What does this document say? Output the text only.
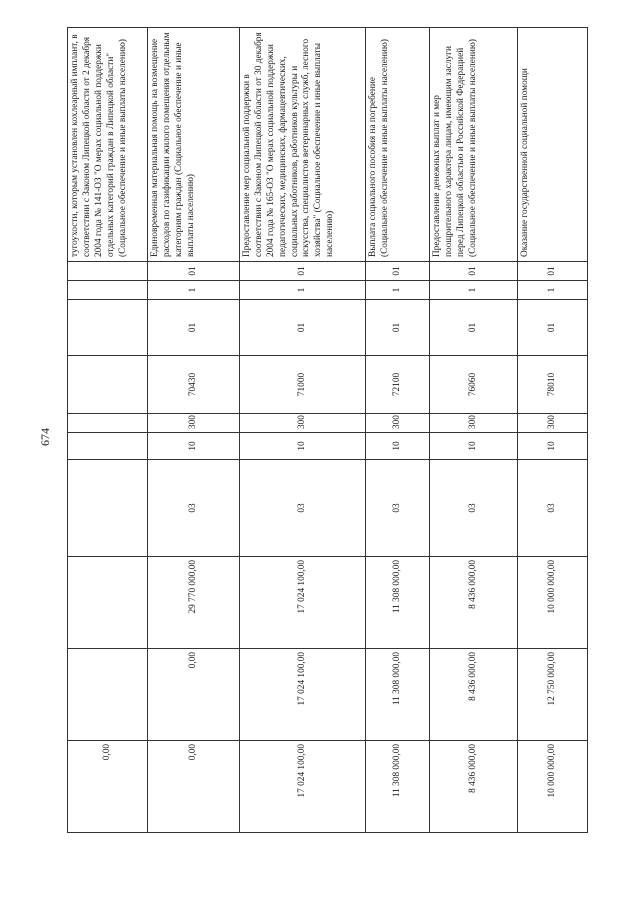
674
0,00										тугоухости, которым установлен кохлеарный имплант, в соответствии с Законом Липецкой области от 2 декабря 2004 года № 141-ОЗ "О мерах социальной поддержки отдельных категорий граждан в Липецкой области" (Социальное обеспечение и иные выплаты населению)
0,00	0,00	29 770 000,00	03	10	300	70430	01	1	01	Единовременная материальная помощь на возмещение расходов по газификации жилого помещения отдельным категориям граждан (Социальное обеспечение и иные выплаты населению)
17 024 100,00	17 024 100,00	17 024 100,00	03	10	300	71000	01	1	01	Предоставление мер социальной поддержки в соответствии с Законом Липецкой области от 30 декабря 2004 года № 165-ОЗ "О мерах социальной поддержки педагогических, медицинских, фармацевтических, социальных работников, работников культуры и искусства, специалистов ветеринарных служб, лесного хозяйства" (Социальное обеспечение и иные выплаты населению)
11 308 000,00	11 308 000,00	11 308 000,00	03	10	300	72100	01	1	01	Выплата социального пособия на погребение (Социальное обеспечение и иные выплаты населению)
8 436 000,00	8 436 000,00	8 436 000,00	03	10	300	76060	01	1	01	Предоставление денежных выплат и мер поощрительного характера лицам, имеющим заслуги перед Липецкой областью и Российской Федерацией (Социальное обеспечение и иные выплаты населению)
10 000 000,00	12 750 000,00	10 000 000,00	03	10	300	78010	01	1	01	Оказание государственной социальной помощи
